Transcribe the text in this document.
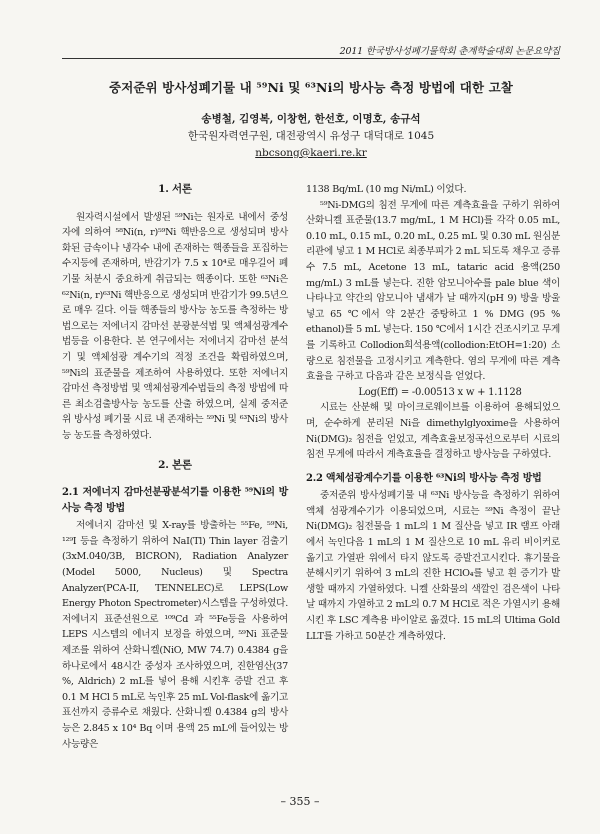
2011 한국방사성폐기물학회 춘계학술대회 논문요약집
중저준위 방사성폐기물 내 ⁵⁹Ni 및 ⁶³Ni의 방사능 측정 방법에 대한 고찰
송병철, 김영복, 이창헌, 한선호, 이명호, 송규석
한국원자력연구원, 대전광역시 유성구 대덕대로 1045
nbcsong@kaeri.re.kr
1. 서론

원자력시설에서 발생된 ⁵⁹Ni는 원자로 내에서 중성자에 의하여 ⁵⁸Ni(n, r)⁵⁹Ni 핵반응으로 생성되며 방사화된 금속이나 냉각수 내에 존재하는 핵종들을 포집하는 수지등에 존재하며, 반감기가 7.5 x 10⁴로 매우길어 폐기물 처분시 중요하게 취급되는 핵종이다. 또한 ⁶³Ni은 ⁶²Ni(n, r)⁶³Ni 핵반응으로 생성되며 반감기가 99.5년으로 매우 길다. 이들 핵종들의 방사능 농도를 측정하는 방법으로는 저에너지 감마선 분광분석법 및 액체섬광계수법등을 이용한다. 본 연구에서는 저에너지 감마선 분석기 및 액체섬광 계수기의 적정 조건을 확립하였으며, ⁵⁹Ni의 표준물을 제조하여 사용하였다. 또한 저에너지 감마선 측정방법 및 액체섬광계수법들의 측정 방법에 따른 최소검출방사능 농도를 산출 하였으며, 실제 중저준위 방사성 폐기물 시료 내 존재하는 ⁵⁹Ni 및 ⁶³Ni의 방사능 농도를 측정하였다.

2. 본론
2.1 저에너지 감마선분광분석기를 이용한 ⁵⁹Ni의 방사능 측정 방법

저에너지 감마선 및 X-ray를 방출하는 ⁵⁵Fe, ⁵⁹Ni, ¹²⁹I 등을 측정하기 위하여 NaI(Tl) Thin layer 검출기(3xM.040/3B, BICRON), Radiation Analyzer (Model 5000, Nucleus) 및 Spectra Analyzer(PCA-II, TENNELEC)로 LEPS(Low Energy Photon Spectrometer)시스템을 구성하였다. 저에너지 표준선원으로 ¹⁰⁹Cd 과 ⁵⁵Fe등을 사용하여 LEPS 시스템의 에너지 보정을 하였으며, ⁵⁹Ni 표준물 제조를 위하여 산화니켈(NiO, MW 74.7) 0.4384 g을 하나로에서 48시간 중성자 조사하였으며, 진한염산(37 %, Aldrich) 2 mL를 넣어 용해 시킨후 증발 건고 후 0.1 M HCl 5 mL로 녹인후 25 mL Vol-flask에 옮기고 표선까지 증류수로 채웠다. 산화니켈 0.4384 g의 방사능은 2.845 x 10⁴ Bq 이며 용액 25 mL에 들어있는 방사능량은

1138 Bq/mL (10 mg Ni/mL) 이었다.

⁵⁹Ni-DMG의 침전 무게에 따른 계측효율을 구하기 위하여 산화니켈 표준물(13.7 mg/mL, 1 M HCl)를 각각 0.05 mL, 0.10 mL, 0.15 mL, 0.20 mL, 0.25 mL 및 0.30 mL 원심분리관에 넣고 1 M HCl로 최종부피가 2 mL 되도록 채우고 증류수 7.5 mL, Acetone 13 mL, tataric acid 용액(250 mg/mL) 3 mL를 넣는다. 진한 암모니아수를 pale blue 색이 나타나고 약간의 암모니아 냄새가 날 때까지(pH 9) 방울 방울 넣고 65 ℃에서 약 2분간 중탕하고 1 % DMG (95 % ethanol)를 5 mL 넣는다. 150 ℃에서 1시간 건조시키고 무게를 기록하고 Collodion희석용액(collodion:EtOH=1:20) 소량으로 침전물을 고정시키고 계측한다. 염의 무게에 따른 계측효율을 구하고 다음과 같은 보정식을 얻었다.

Log(Eff) = -0.00513 x w + 1.1128

시료는 산분해 및 마이크로웨이브를 이용하여 용해되었으며, 순수하게 분리된 Ni을 dimethylglyoxime을 사용하여 Ni(DMG)₂ 침전을 얻었고, 계측효율보정곡선으로부터 시료의 침전 무게에 따라서 계측효율을 결정하고 방사능을 구하였다.

2.2 액체섬광계수기를 이용한 ⁶³Ni의 방사능 측정 방법

중저준위 방사성폐기물 내 ⁶³Ni 방사능을 측정하기 위하여 액체 섬광계수기가 이용되었으며, 시료는 ⁵⁹Ni 측정이 끝난 Ni(DMG)₂ 침전물을 1 mL의 1 M 질산을 넣고 IR 램프 아래에서 녹인다음 1 mL의 1 M 질산으로 10 mL 유리 비이커로 옮기고 가열판 위에서 타지 않도록 증발건고시킨다. 휴기물을 분해시키기 위하여 3 mL의 진한 HClO₄를 넣고 흰 증기가 발생할 때까지 가열하였다. 니켈 산화물의 색깔인 검은색이 나타날 때까지 가열하고 2 mL의 0.7 M HCl로 적은 가열시키 용해시킨 후 LSC 계측용 바이알로 옮겼다. 15 mL의 Ultima Gold LLT를 가하고 50분간 계측하였다.

– 355 –
